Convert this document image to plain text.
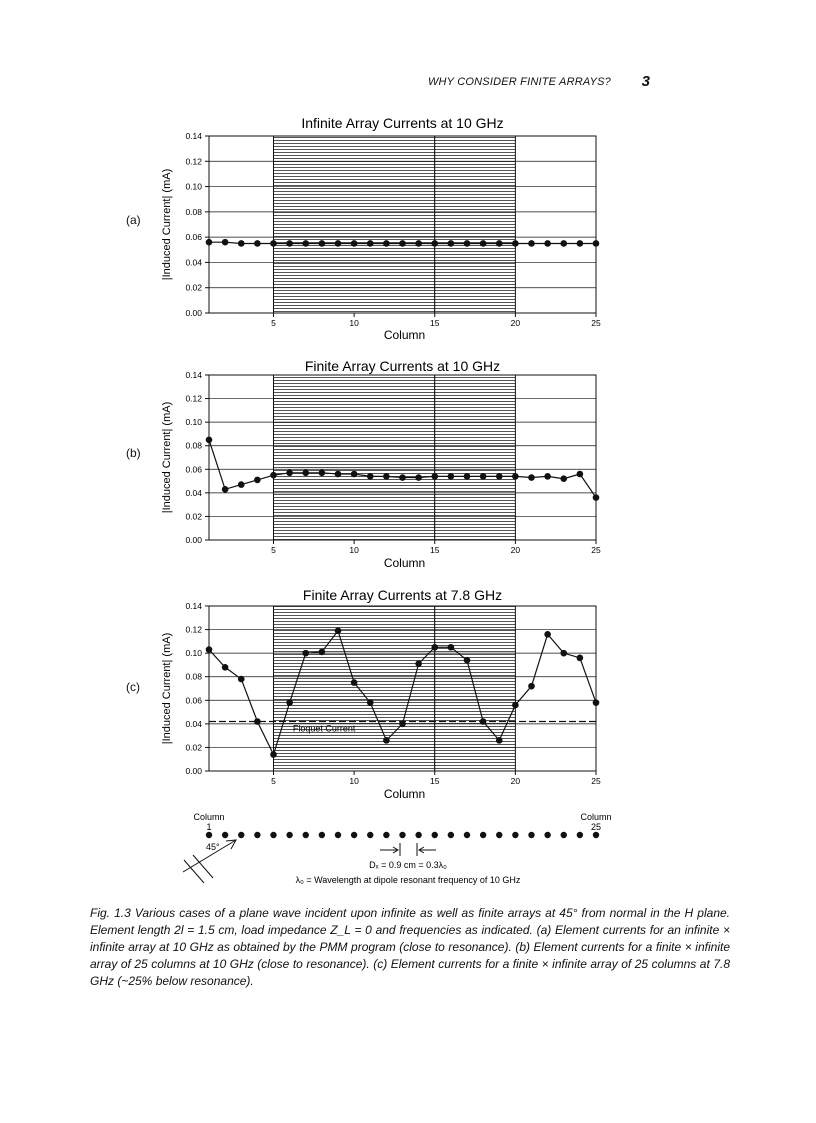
WHY CONSIDER FINITE ARRAYS? 3
(a)
0.00
0.02
0.04
0.06
0.08
0.10
0.12
0.14
5	10	15	20	25
Infinite Array Currents at 10 GHz
Column
|Induced Current| (mA)
(b)
0.00
0.02
0.04
0.06
0.08
0.10
0.12
0.14
5	10	15	20	25
Finite Array Currents at 10 GHz
Column
|Induced Current| (mA)
(c)
0.00
0.02
0.04
0.06
0.08
0.10
0.12
0.14
5	10	15	20	25
Finite Array Currents at 7.8 GHz
Column
|Induced Current| (mA)	Floquet Current
Column
1
Column
25
45°
Dₓ = 0.9 cm = 0.3λ₀
λ₀ = Wavelength at dipole resonant frequency of 10 GHz
Fig. 1.3 Various cases of a plane wave incident upon infinite as well as finite arrays at 45° from normal in the H plane. Element length 2l = 1.5 cm, load impedance Z_L = 0 and frequencies as indicated. (a) Element currents for an infinite × infinite array at 10 GHz as obtained by the PMM program (close to resonance). (b) Element currents for a finite × infinite array of 25 columns at 10 GHz (close to resonance). (c) Element currents for a finite × infinite array of 25 columns at 7.8 GHz (~25% below resonance).
